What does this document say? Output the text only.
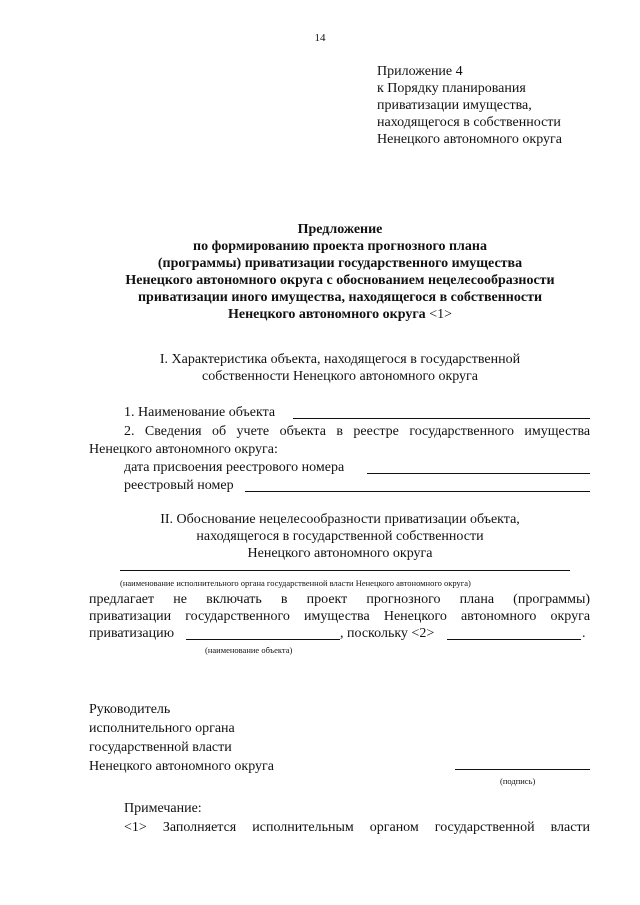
14
Приложение 4
к Порядку планирования
приватизации имущества,
находящегося в собственности
Ненецкого автономного округа
Предложение
по формированию проекта прогнозного плана
(программы) приватизации государственного имущества
Ненецкого автономного округа с обоснованием нецелесообразности
приватизации иного имущества, находящегося в собственности
Ненецкого автономного округа <1>
I. Характеристика объекта, находящегося в государственной
собственности Ненецкого автономного округа
1. Наименование объекта
2. Сведения об учете объекта в реестре государственного имущества
Ненецкого автономного округа:
дата присвоения реестрового номера
реестровый номер
II. Обоснование нецелесообразности приватизации объекта,
находящегося в государственной собственности
Ненецкого автономного округа
(наименование исполнительного органа государственной власти Ненецкого автономного округа)
предлагает не включать в проект прогнозного плана (программы)
приватизации государственного имущества Ненецкого автономного округа
приватизацию	, поскольку <2>	.
(наименование объекта)
Руководитель
исполнительного органа
государственной власти
Ненецкого автономного округа
(подпись)
Примечание:
<1> Заполняется исполнительным органом государственной власти
